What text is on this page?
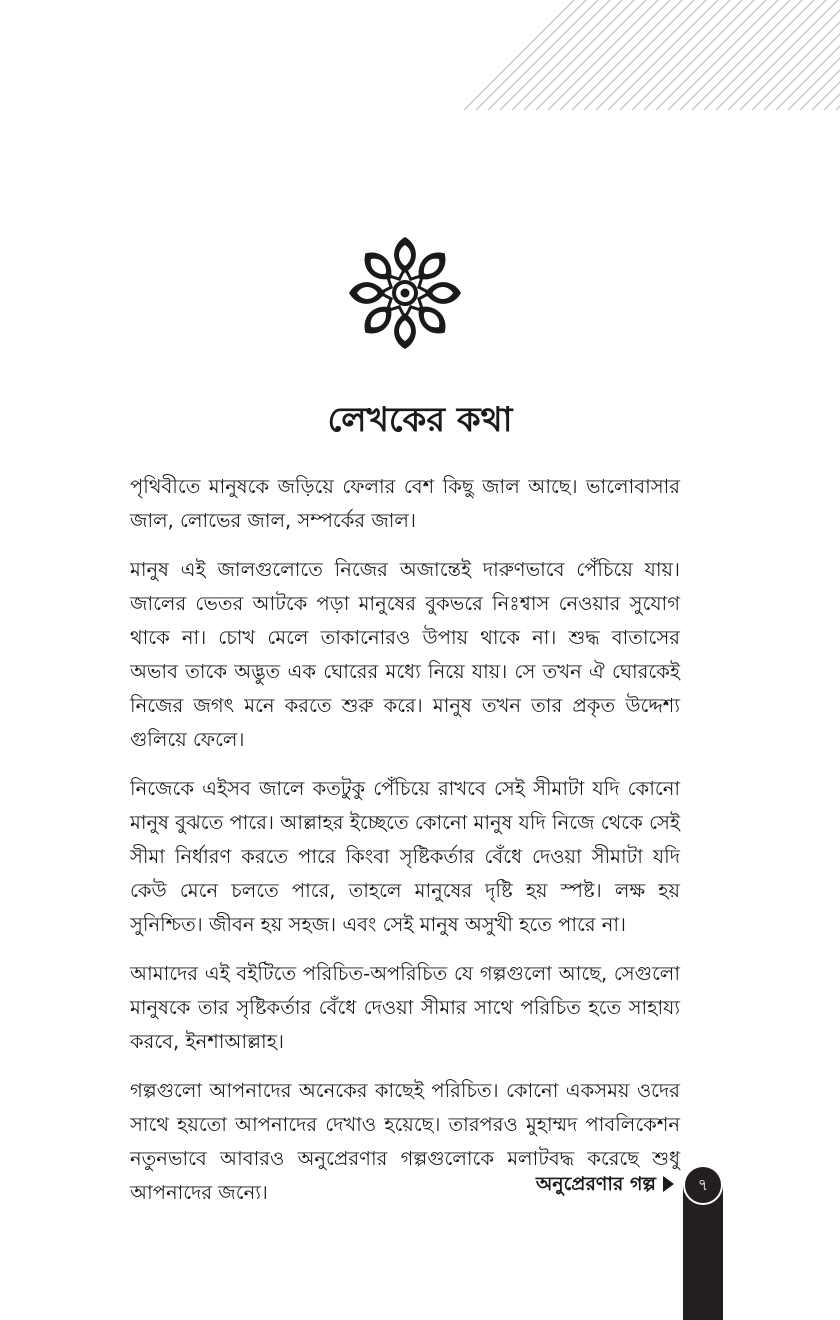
লেখকের কথা

পৃথিবীতে মানুষকে জড়িয়ে ফেলার বেশ কিছু জাল আছে। ভালোবাসার জাল, লোভের জাল, সম্পর্কের জাল।

মানুষ এই জালগুলোতে নিজের অজান্তেই দারুণভাবে পেঁচিয়ে যায়। জালের ভেতর আটকে পড়া মানুষের বুকভরে নিঃশ্বাস নেওয়ার সুযোগ থাকে না। চোখ মেলে তাকানোরও উপায় থাকে না। শুদ্ধ বাতাসের অভাব তাকে অদ্ভুত এক ঘোরের মধ্যে নিয়ে যায়। সে তখন ঐ ঘোরকেই নিজের জগৎ মনে করতে শুরু করে। মানুষ তখন তার প্রকৃত উদ্দেশ্য গুলিয়ে ফেলে।

নিজেকে এইসব জালে কতটুকু পেঁচিয়ে রাখবে সেই সীমাটা যদি কোনো মানুষ বুঝতে পারে। আল্লাহর ইচ্ছেতে কোনো মানুষ যদি নিজে থেকে সেই সীমা নির্ধারণ করতে পারে কিংবা সৃষ্টিকর্তার বেঁধে দেওয়া সীমাটা যদি কেউ মেনে চলতে পারে, তাহলে মানুষের দৃষ্টি হয় স্পষ্ট। লক্ষ হয় সুনিশ্চিত। জীবন হয় সহজ। এবং সেই মানুষ অসুখী হতে পারে না।

আমাদের এই বইটিতে পরিচিত-অপরিচিত যে গল্পগুলো আছে, সেগুলো মানুষকে তার সৃষ্টিকর্তার বেঁধে দেওয়া সীমার সাথে পরিচিত হতে সাহায্য করবে, ইনশাআল্লাহ।

গল্পগুলো আপনাদের অনেকের কাছেই পরিচিত। কোনো একসময় ওদের সাথে হয়তো আপনাদের দেখাও হয়েছে। তারপরও মুহাম্মদ পাবলিকেশন নতুনভাবে আবারও অনুপ্রেরণার গল্পগুলোকে মলাটবদ্ধ করেছে শুধু আপনাদের জন্যে।	অনুপ্রেরণার গল্প	৭
